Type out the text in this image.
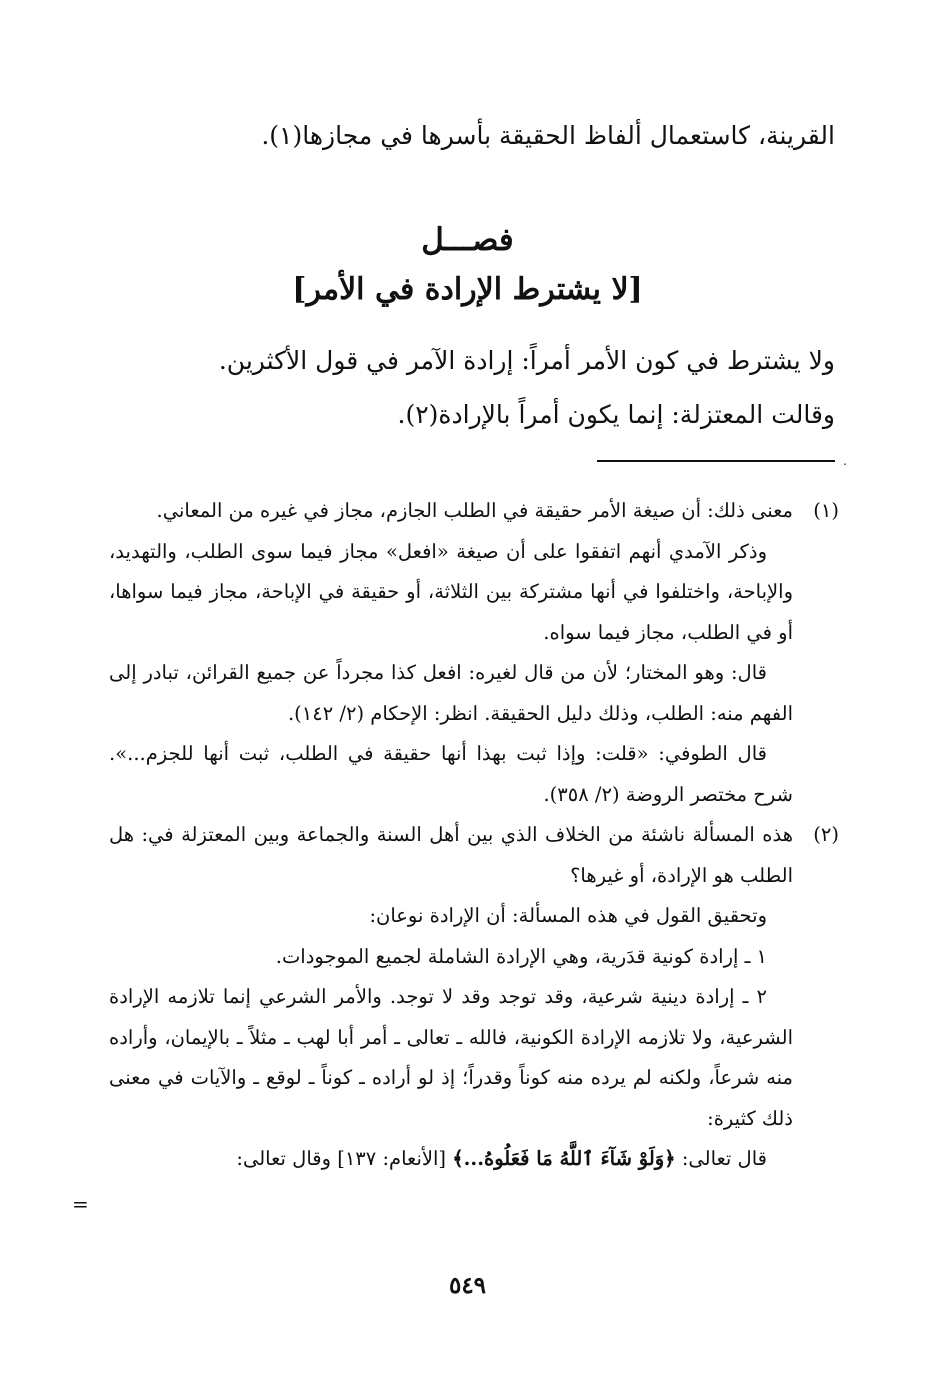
القرينة، كاستعمال ألفاظ الحقيقة بأسرها في مجازها(١).
فصـــل
[لا يشترط الإرادة في الأمر]
ولا يشترط في كون الأمر أمراً: إرادة الآمر في قول الأكثرين.
وقالت المعتزلة: إنما يكون أمراً بالإرادة(٢).
.
(١)

معنى ذلك: أن صيغة الأمر حقيقة في الطلب الجازم، مجاز في غيره من المعاني.

وذكر الآمدي أنهم اتفقوا على أن صيغة «افعل» مجاز فيما سوى الطلب، والتهديد، والإباحة، واختلفوا في أنها مشتركة بين الثلاثة، أو حقيقة في الإباحة، مجاز فيما سواها، أو في الطلب، مجاز فيما سواه.

قال: وهو المختار؛ لأن من قال لغيره: افعل كذا مجرداً عن جميع القرائن، تبادر إلى الفهم منه: الطلب، وذلك دليل الحقيقة. انظر: الإحكام (٢/ ١٤٢).

قال الطوفي: «قلت: وإذا ثبت بهذا أنها حقيقة في الطلب، ثبت أنها للجزم...». شرح مختصر الروضة (٢/ ٣٥٨).

(٢)

هذه المسألة ناشئة من الخلاف الذي بين أهل السنة والجماعة وبين المعتزلة في: هل الطلب هو الإرادة، أو غيرها؟

وتحقيق القول في هذه المسألة: أن الإرادة نوعان:

١ ـ إرادة كونية قدَرية، وهي الإرادة الشاملة لجميع الموجودات.

٢ ـ إرادة دينية شرعية، وقد توجد وقد لا توجد. والأمر الشرعي إنما تلازمه الإرادة الشرعية، ولا تلازمه الإرادة الكونية، فالله ـ تعالى ـ أمر أبا لهب ـ مثلاً ـ بالإيمان، وأراده منه شرعاً، ولكنه لم يرده منه كوناً وقدراً؛ إذ لو أراده ـ كوناً ـ لوقع ـ والآيات في معنى ذلك كثيرة:

قال تعالى: ﴿وَلَوْ شَآءَ ٱللَّهُ مَا فَعَلُوهُ...﴾ [الأنعام: ١٣٧] وقال تعالى:

=
٥٤٩
